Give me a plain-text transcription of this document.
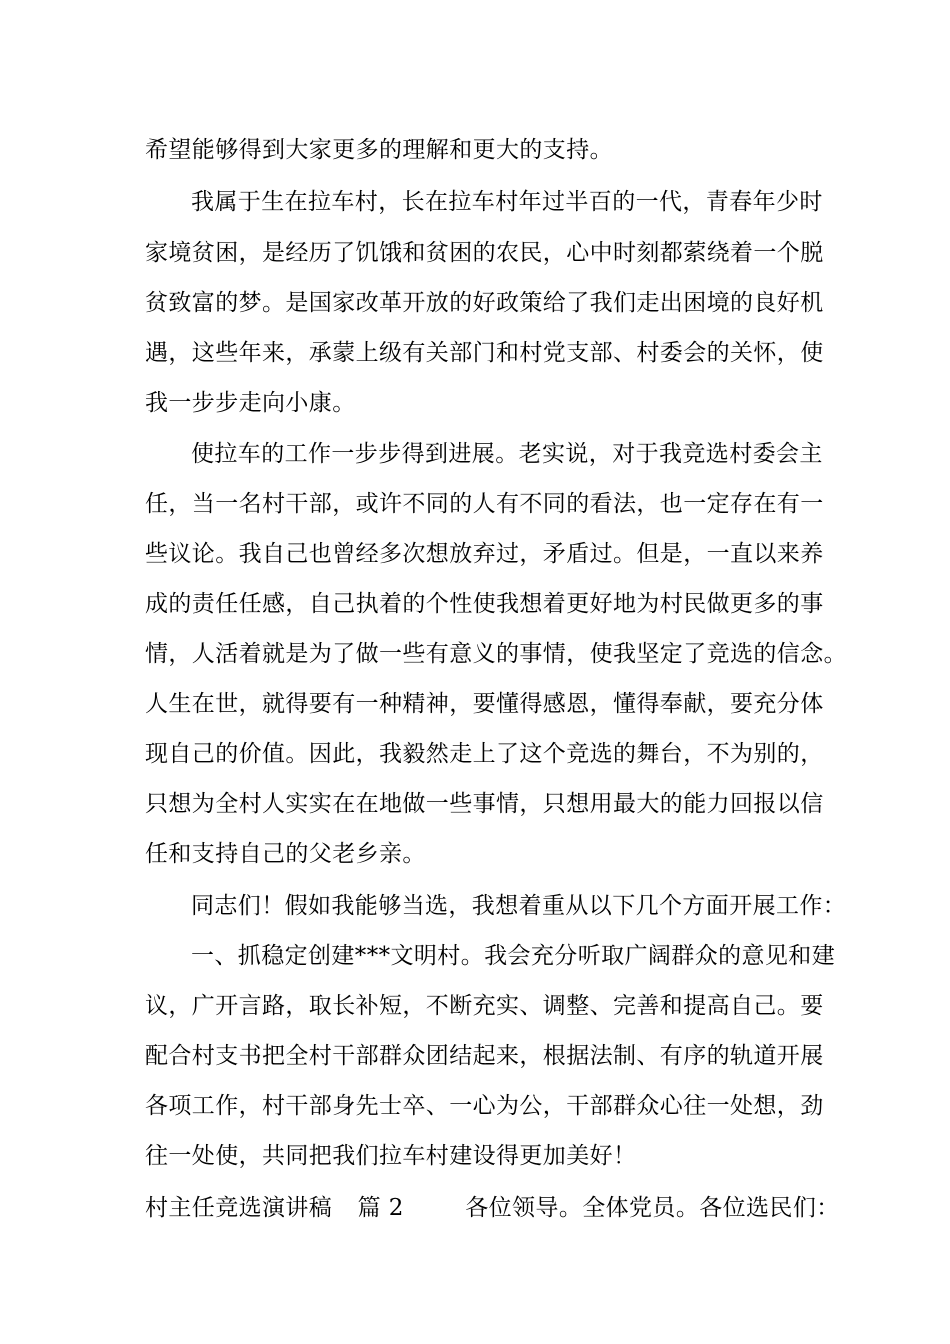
希望能够得到大家更多的理解和更大的支持。
我属于生在拉车村，长在拉车村年过半百的一代，青春年少时
家境贫困，是经历了饥饿和贫困的农民，心中时刻都萦绕着一个脱
贫致富的梦。是国家改革开放的好政策给了我们走出困境的良好机
遇，这些年来，承蒙上级有关部门和村党支部、村委会的关怀，使
我一步步走向小康。
使拉车的工作一步步得到进展。老实说，对于我竞选村委会主
任，当一名村干部，或许不同的人有不同的看法，也一定存在有一
些议论。我自己也曾经多次想放弃过，矛盾过。但是，一直以来养
成的责任任感，自己执着的个性使我想着更好地为村民做更多的事
情，人活着就是为了做一些有意义的事情，使我坚定了竞选的信念。
人生在世，就得要有一种精神，要懂得感恩，懂得奉献，要充分体
现自己的价值。因此，我毅然走上了这个竞选的舞台，不为别的，
只想为全村人实实在在地做一些事情，只想用最大的能力回报以信
任和支持自己的父老乡亲。
同志们！假如我能够当选，我想着重从以下几个方面开展工作：
一、抓稳定创建***文明村。我会充分听取广阔群众的意见和建
议，广开言路，取长补短，不断充实、调整、完善和提高自己。要
配合村支书把全村干部群众团结起来，根据法制、有序的轨道开展
各项工作，村干部身先士卒、一心为公，干部群众心往一处想，劲
往一处使，共同把我们拉车村建设得更加美好！
村主任竞选演讲稿 篇 2	各位领导。全体党员。各位选民们：
